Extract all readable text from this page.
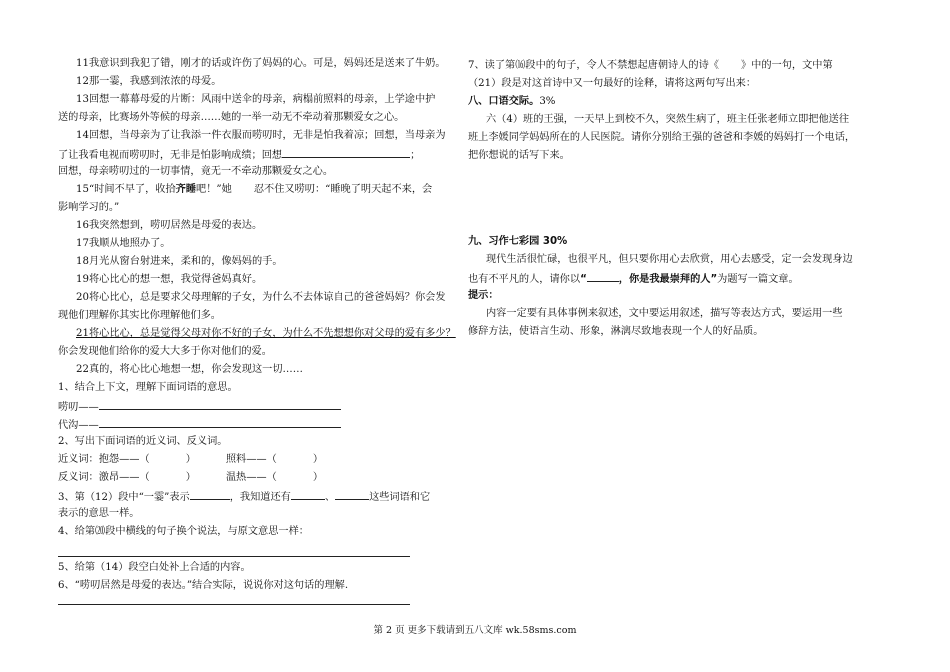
11我意识到我犯了错，刚才的话或许伤了妈妈的心。可是，妈妈还是送来了牛奶。
12那一霎，我感到浓浓的母爱。
13回想一幕幕母爱的片断：风雨中送伞的母亲，病榻前照料的母亲，上学途中护
送的母亲，比赛场外等候的母亲……她的一举一动无不牵动着那颗爱女之心。
14回想，当母亲为了让我添一件衣服而唠叨时，无非是怕我着凉；回想，当母亲为
了让我看电视而唠叨时，无非是怕影响成绩；回想	；
回想，母亲唠叨过的一切事情，竟无一不牵动那颗爱女之心。
15“时间不早了，收拾齐睡吧！”她 忍不住又唠叨：“睡晚了明天起不来，会
影响学习的。”
16我突然想到，唠叨居然是母爱的表达。
17我顺从地照办了。
18月光从窗台射进来，柔和的，像妈妈的手。
19将心比心的想一想，我觉得爸妈真好。
20将心比心，总是要求父母理解的子女，为什么不去体谅自己的爸爸妈妈？你会发
现他们理解你其实比你理解他们多。
21将心比心，总是觉得父母对你不好的子女，为什么不先想想你对父母的爱有多少？
你会发现他们给你的爱大大多于你对他们的爱。
22真的，将心比心地想一想，你会发现这一切……
1、结合上下文，理解下面词语的意思。
唠叨——
代沟——
2、写出下面词语的近义词、反义词。
近义词：抱怨——（	）	照料——（	）
反义词：激昂——（	）	温热——（	）
3、第（12）段中“一霎”表示	，我知道还有	、	这些词语和它
表示的意思一样。
4、给第⒇段中横线的句子换个说法，与原文意思一样：
5、给第（14）段空白处补上合适的内容。
6、“唠叨居然是母爱的表达。”结合实际，说说你对这句话的理解.
7、读了第⒃段中的句子，令人不禁想起唐朝诗人的诗《 》中的一句，文中第
（21）段是对这首诗中又一句最好的诠释，请将这两句写出来：
八、口语交际。3%
六（4）班的王强，一天早上到校不久，突然生病了，班主任张老师立即把他送往
班上李媛同学妈妈所在的人民医院。请你分别给王强的爸爸和李媛的妈妈打一个电话，
把你想说的话写下来。
九、习作七彩园 30%
现代生活很忙碌，也很平凡，但只要你用心去欣赏，用心去感受，定一会发现身边
也有不平凡的人，请你以“	，你是我最崇拜的人”为题写一篇文章。
提示：
内容一定要有具体事例来叙述，文中要运用叙述，描写等表达方式，要运用一些
修辞方法，使语言生动、形象，淋漓尽致地表现一个人的好品质。
第 2 页 更多下载请到五八文库 wk.58sms.com
